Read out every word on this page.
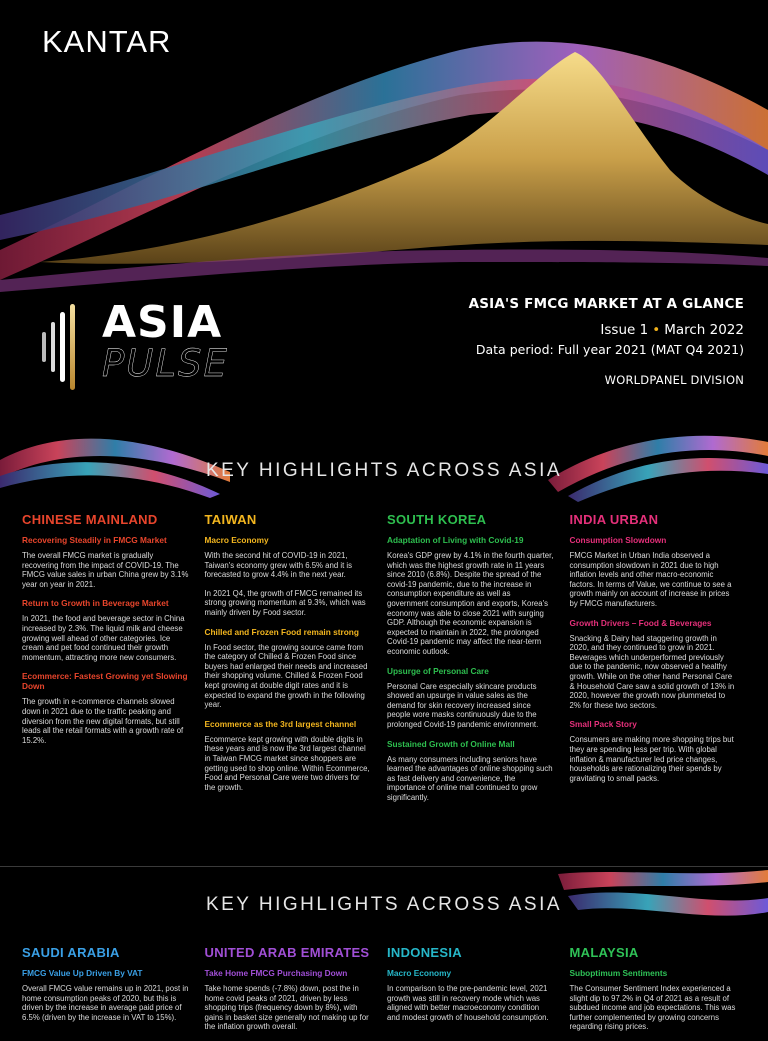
KANTAR
ASIA
PULSE
ASIA'S FMCG MARKET AT A GLANCE
Issue 1 • March 2022
Data period: Full year 2021 (MAT Q4 2021)
WORLDPANEL DIVISION
KEY HIGHLIGHTS ACROSS ASIA
CHINESE MAINLAND
Recovering Steadily in FMCG Market
The overall FMCG market is gradually recovering from the impact of COVID-19. The FMCG value sales in urban China grew by 3.1% year on year in 2021.
Return to Growth in Beverage Market
In 2021, the food and beverage sector in China increased by 2.3%. The liquid milk and cheese growing well ahead of other categories. Ice cream and pet food continued their growth momentum, attracting more new consumers.
Ecommerce: Fastest Growing yet Slowing Down
The growth in e-commerce channels slowed down in 2021 due to the traffic peaking and diversion from the new digital formats, but still leads all the retail formats with a growth rate of 15.2%.
TAIWAN
Macro Economy
With the second hit of COVID-19 in 2021, Taiwan's economy grew with 6.5% and it is forecasted to grow 4.4% in the next year.
In 2021 Q4, the growth of FMCG remained its strong growing momentum at 9.3%, which was mainly driven by Food sector.
Chilled and Frozen Food remain strong
In Food sector, the growing source came from the category of Chilled & Frozen Food since buyers had enlarged their needs and increased their shopping volume. Chilled & Frozen Food kept growing at double digit rates and it is expected to expand the growth in the following year.
Ecommerce as the 3rd largest channel
Ecommerce kept growing with double digits in these years and is now the 3rd largest channel in Taiwan FMCG market since shoppers are getting used to shop online. Within Ecommerce, Food and Personal Care were two drivers for the growth.
SOUTH KOREA
Adaptation of Living with Covid-19
Korea's GDP grew by 4.1% in the fourth quarter, which was the highest growth rate in 11 years since 2010 (6.8%). Despite the spread of the covid-19 pandemic, due to the increase in consumption expenditure as well as government consumption and exports, Korea's economy was able to close 2021 with surging GDP. Although the economic expansion is expected to maintain in 2022, the prolonged Covid-19 pandemic may affect the near-term economic outlook.
Upsurge of Personal Care
Personal Care especially skincare products showed an upsurge in value sales as the demand for skin recovery increased since people wore masks continuously due to the prolonged Covid-19 pandemic environment.
Sustained Growth of Online Mall
As many consumers including seniors have learned the advantages of online shopping such as fast delivery and convenience, the importance of online mall continued to grow significantly.
INDIA URBAN
Consumption Slowdown
FMCG Market in Urban India observed a consumption slowdown in 2021 due to high inflation levels and other macro-economic factors. In terms of Value, we continue to see a growth mainly on account of increase in prices by FMCG manufacturers.
Growth Drivers – Food & Beverages
Snacking & Dairy had staggering growth in 2020, and they continued to grow in 2021. Beverages which underperformed previously due to the pandemic, now observed a healthy growth. While on the other hand Personal Care & Household Care saw a solid growth of 13% in 2020, however the growth now plummeted to 2% for these two sectors.
Small Pack Story
Consumers are making more shopping trips but they are spending less per trip. With global inflation & manufacturer led price changes, households are rationalizing their spends by gravitating to small packs.
KEY HIGHLIGHTS ACROSS ASIA
SAUDI ARABIA
FMCG Value Up Driven By VAT
Overall FMCG value remains up in 2021, post in home consumption peaks of 2020, but this is driven by the increase in average paid price of 6.5% (driven by the increase in VAT to 15%).
UNITED ARAB EMIRATES
Take Home FMCG Purchasing Down
Take home spends (-7.8%) down, post the in home covid peaks of 2021, driven by less shopping trips (frequency down by 8%), with gains in basket size generally not making up for the inflation growth overall.
INDONESIA
Macro Economy
In comparison to the pre-pandemic level, 2021 growth was still in recovery mode which was aligned with better macroeconomy condition and modest growth of household consumption.
MALAYSIA
Suboptimum Sentiments
The Consumer Sentiment Index experienced a slight dip to 97.2% in Q4 of 2021 as a result of subdued income and job expectations. This was further complemented by growing concerns regarding rising prices.
